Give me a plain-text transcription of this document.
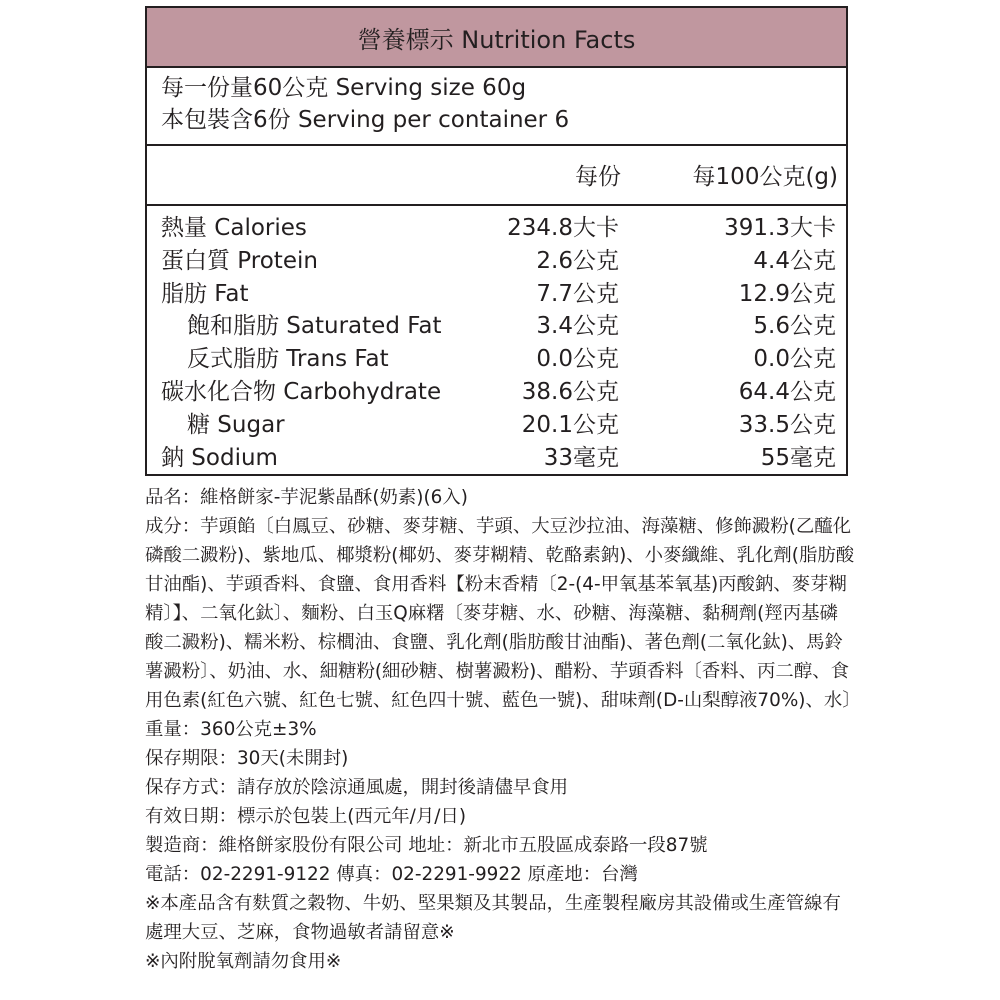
營養標示 Nutrition Facts
每一份量60公克 Serving size 60g
本包裝含6份 Serving per container 6
每份	每100公克(g)
熱量 Calories	234.8大卡	391.3大卡
蛋白質 Protein	2.6公克	4.4公克
脂肪 Fat	7.7公克	12.9公克
飽和脂肪 Saturated Fat	3.4公克	5.6公克
反式脂肪 Trans Fat	0.0公克	0.0公克
碳水化合物 Carbohydrate	38.6公克	64.4公克
糖 Sugar	20.1公克	33.5公克
鈉 Sodium	33毫克	55毫克

品名：維格餅家-芋泥紫晶酥(奶素)(6入)

成分：芋頭餡〔白鳳豆、砂糖、麥芽糖、芋頭、大豆沙拉油、海藻糖、修飾澱粉(乙醯化磷酸二澱粉)、紫地瓜、椰漿粉(椰奶、麥芽糊精、乾酪素鈉)、小麥纖維、乳化劑(脂肪酸甘油酯)、芋頭香料、食鹽、食用香料【粉末香精〔2-(4-甲氧基苯氧基)丙酸鈉、麥芽糊精〕】、二氧化鈦〕、麵粉、白玉Q麻糬〔麥芽糖、水、砂糖、海藻糖、黏稠劑(羥丙基磷酸二澱粉)、糯米粉、棕櫚油、食鹽、乳化劑(脂肪酸甘油酯)、著色劑(二氧化鈦)、馬鈴薯澱粉〕、奶油、水、細糖粉(細砂糖、樹薯澱粉)、醋粉、芋頭香料〔香料、丙二醇、食用色素(紅色六號、紅色七號、紅色四十號、藍色一號)、甜味劑(D-山梨醇液70%)、水〕

重量：360公克±3%

保存期限：30天(未開封)

保存方式：請存放於陰涼通風處，開封後請儘早食用

有效日期：標示於包裝上(西元年/月/日)

製造商：維格餅家股份有限公司 地址：新北市五股區成泰路一段87號

電話：02-2291-9122 傳真：02-2291-9922 原產地：台灣

※本產品含有麩質之穀物、牛奶、堅果類及其製品，生產製程廠房其設備或生產管線有處理大豆、芝麻，食物過敏者請留意※

※內附脫氧劑請勿食用※
